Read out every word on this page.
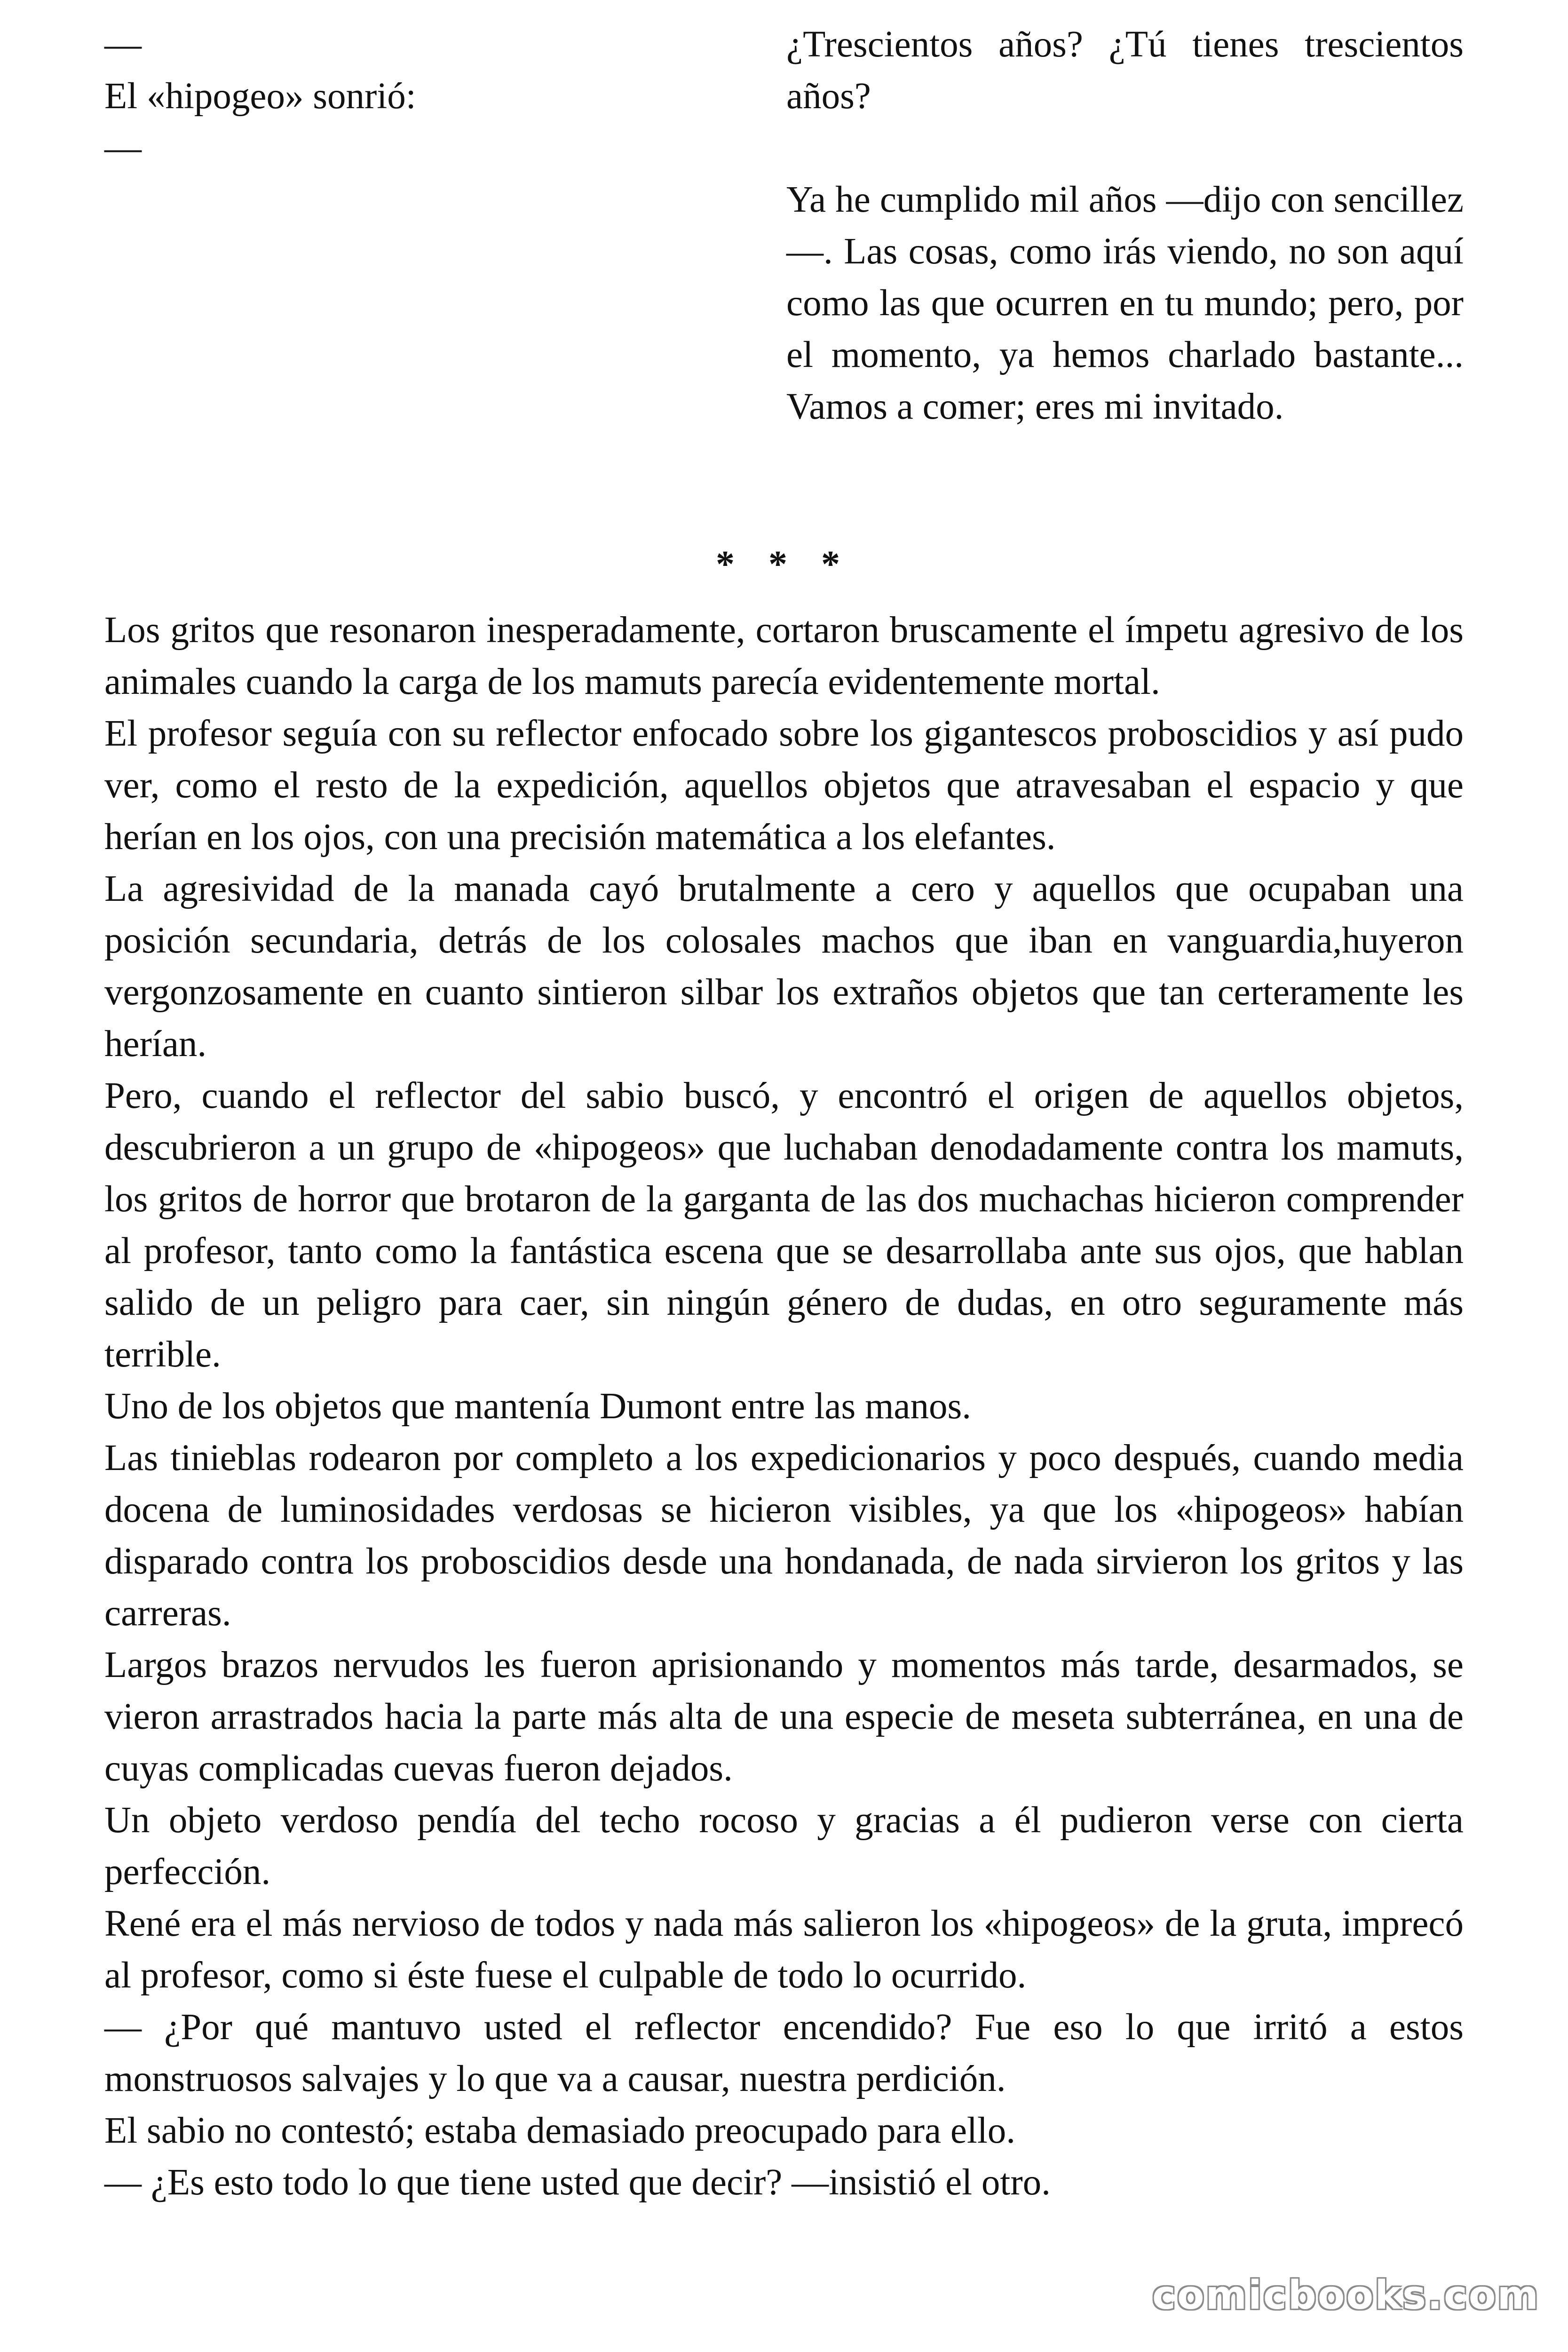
—
El «hipogeo» sonrió:
—

¿Trescientos años? ¿Tú tienes trescientos años?

Ya he cumplido mil años —dijo con sencillez—. Las cosas, como irás viendo, no son aquí como las que ocurren en tu mundo; pero, por el momento, ya hemos charlado bastante... Vamos a comer; eres mi invitado.

* * *

Los gritos que resonaron inesperadamente, cortaron bruscamente el ímpetu agresivo de los animales cuando la carga de los mamuts parecía evidentemente mortal.

El profesor seguía con su reflector enfocado sobre los gigantescos proboscidios y así pudo ver, como el resto de la expedición, aquellos objetos que atravesaban el espacio y que herían en los ojos, con una precisión matemática a los elefantes.

La agresividad de la manada cayó brutalmente a cero y aquellos que ocupaban una posición secundaria, detrás de los colosales machos que iban en vanguardia,huyeron vergonzosamente en cuanto sintieron silbar los extraños objetos que tan certeramente les herían.

Pero, cuando el reflector del sabio buscó, y encontró el origen de aquellos objetos, descubrieron a un grupo de «hipogeos» que luchaban denodadamente contra los mamuts, los gritos de horror que brotaron de la garganta de las dos muchachas hicieron comprender al profesor, tanto como la fantástica escena que se desarrollaba ante sus ojos, que hablan salido de un peligro para caer, sin ningún género de dudas, en otro seguramente más terrible.

Uno de los objetos que mantenía Dumont entre las manos.

Las tinieblas rodearon por completo a los expedicionarios y poco después, cuando media docena de luminosidades verdosas se hicieron visibles, ya que los «hipogeos» habían disparado contra los proboscidios desde una hondanada, de nada sirvieron los gritos y las carreras.

Largos brazos nervudos les fueron aprisionando y momentos más tarde, desarmados, se vieron arrastrados hacia la parte más alta de una especie de meseta subterránea, en una de cuyas complicadas cuevas fueron dejados.

Un objeto verdoso pendía del techo rocoso y gracias a él pudieron verse con cierta perfección.

René era el más nervioso de todos y nada más salieron los «hipogeos» de la gruta, imprecó al profesor, como si éste fuese el culpable de todo lo ocurrido.

— ¿Por qué mantuvo usted el reflector encendido? Fue eso lo que irritó a estos monstruosos salvajes y lo que va a causar, nuestra perdición.

El sabio no contestó; estaba demasiado preocupado para ello.

— ¿Es esto todo lo que tiene usted que decir? —insistió el otro.

comicbooks.com
